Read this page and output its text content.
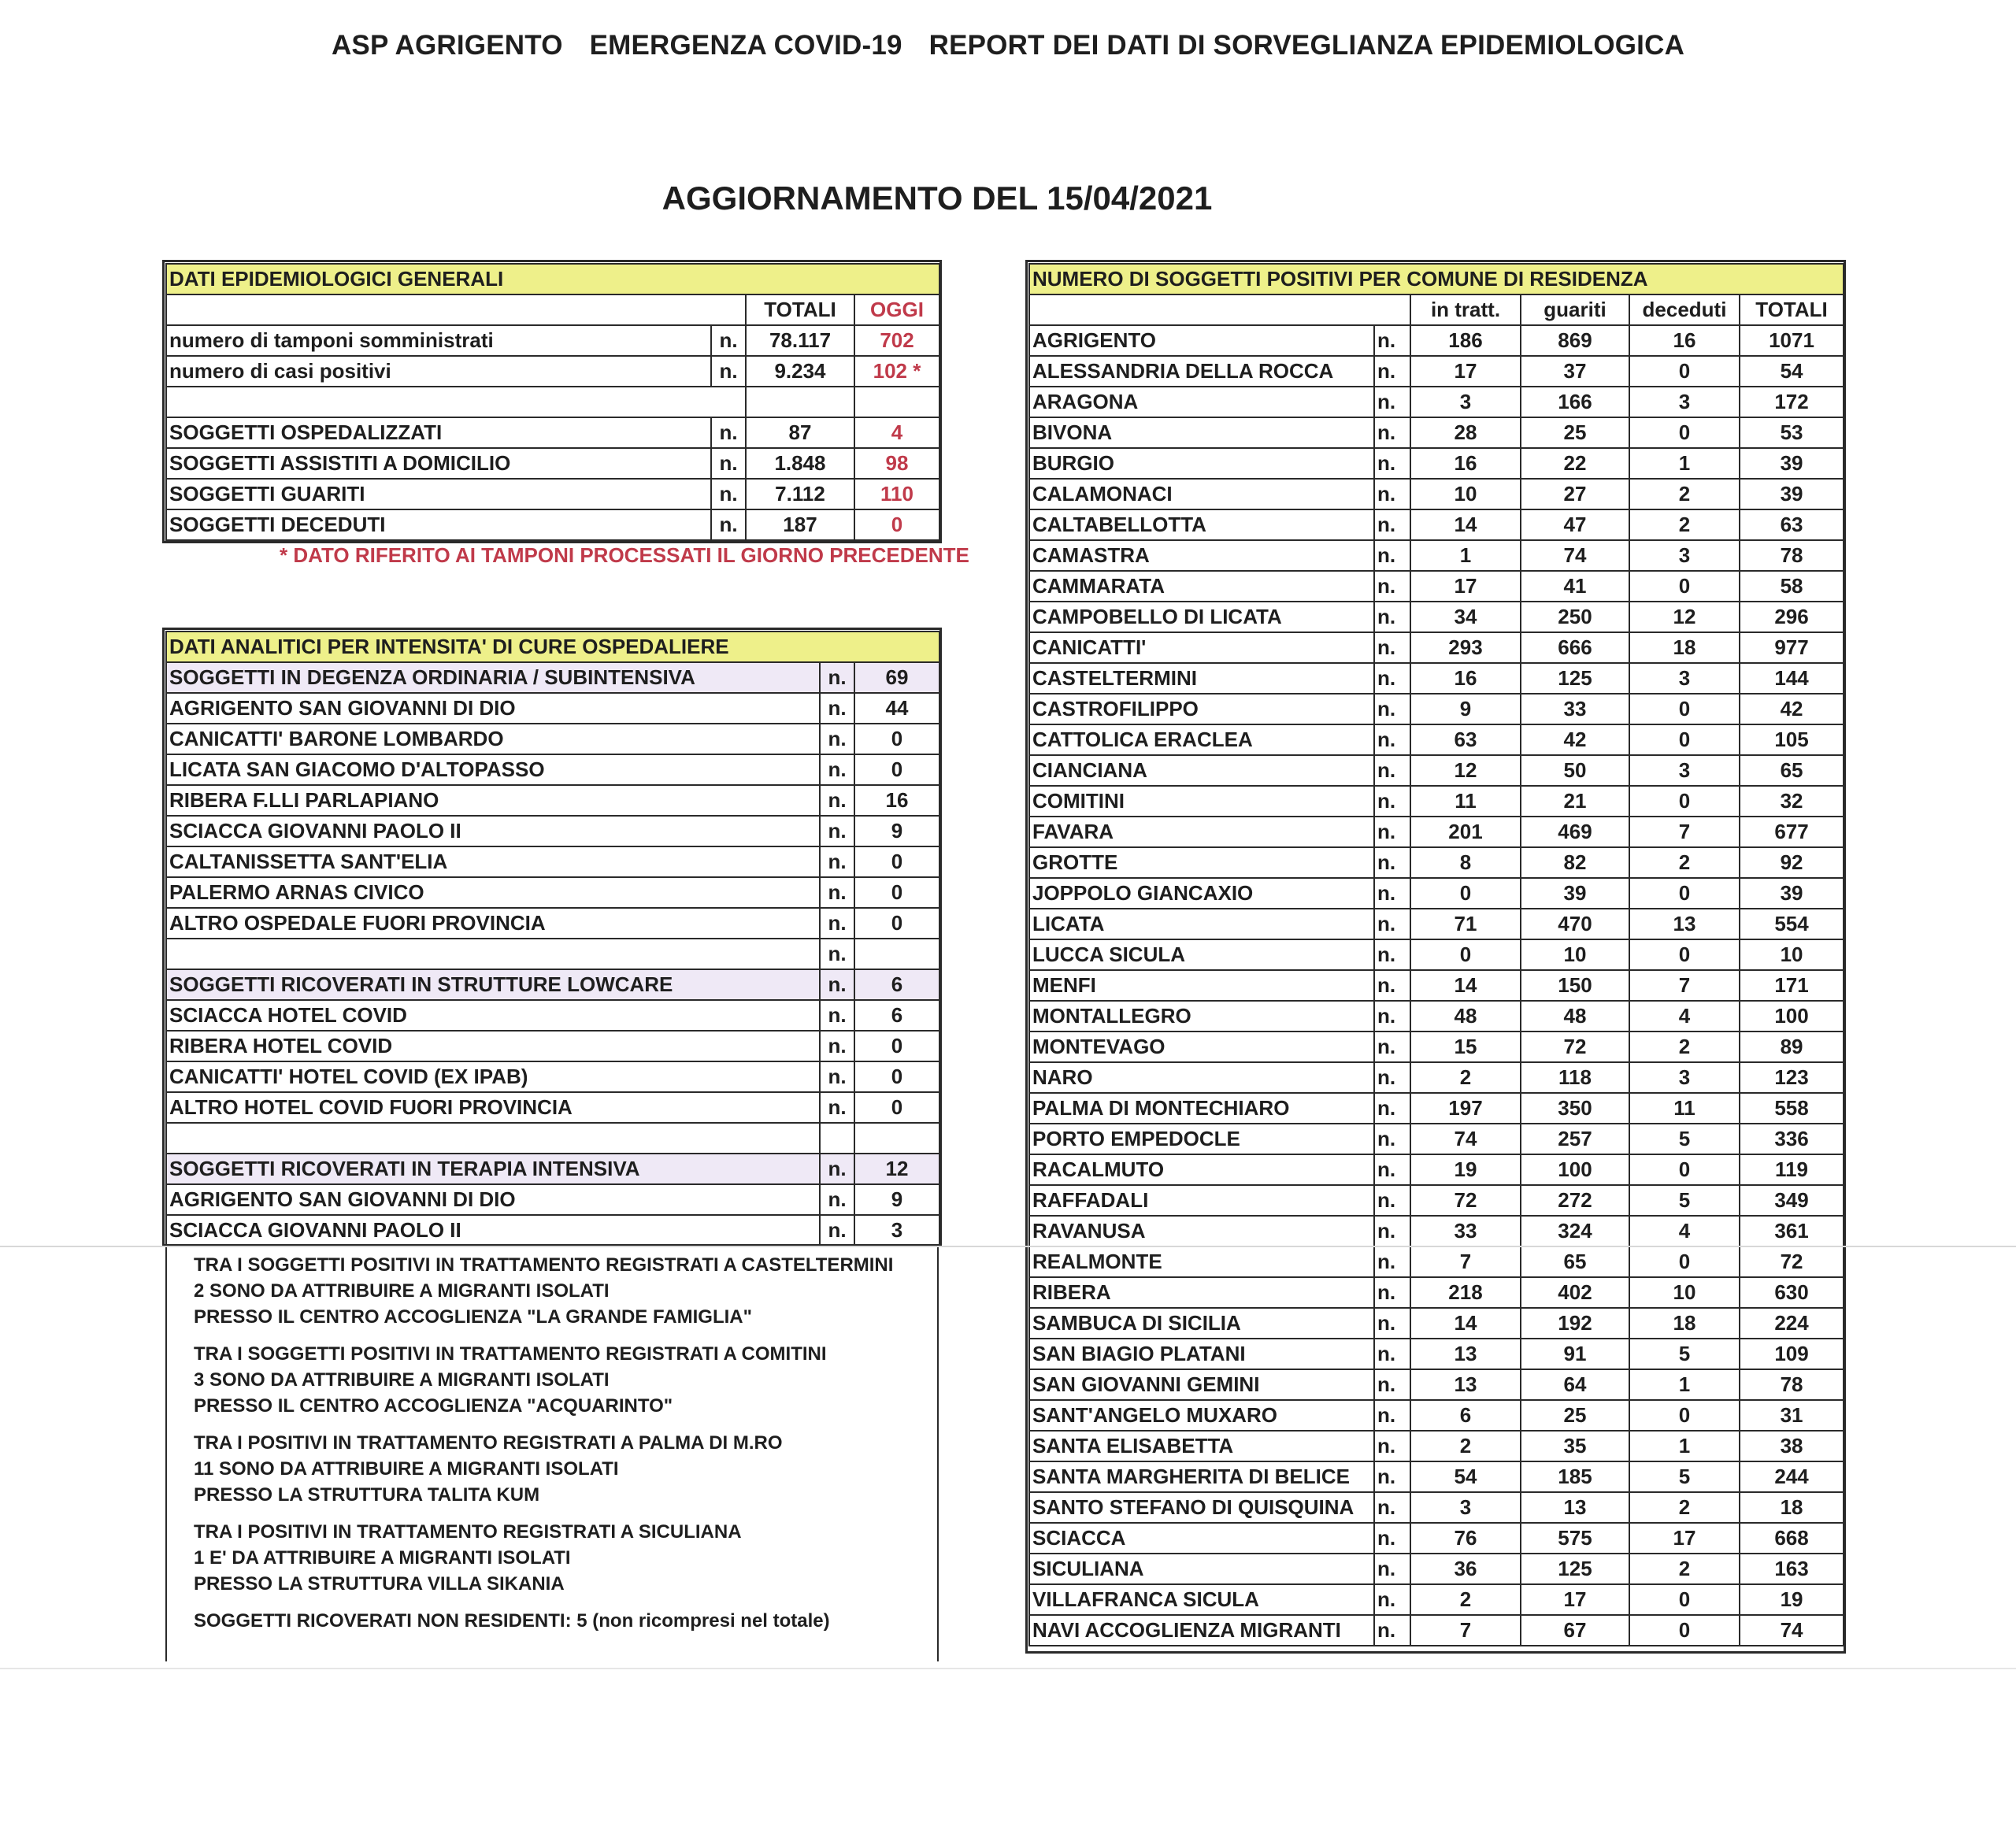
ASP AGRIGENTO EMERGENZA COVID-19 REPORT DEI DATI DI SORVEGLIANZA EPIDEMIOLOGICA
AGGIORNAMENTO DEL 15/04/2021
DATI EPIDEMIOLOGICI GENERALI			
		TOTALI	OGGI
numero di tamponi somministrati	n.	78.117	702
numero di casi positivi	n.	9.234	102 *

SOGGETTI OSPEDALIZZATI	n.	87	4
SOGGETTI ASSISTITI A DOMICILIO	n.	1.848	98
SOGGETTI GUARITI	n.	7.112	110
SOGGETTI DECEDUTI	n.	187	0
* DATO RIFERITO AI TAMPONI PROCESSATI IL GIORNO PRECEDENTE
DATI ANALITICI PER INTENSITA' DI CURE OSPEDALIERE		
SOGGETTI IN DEGENZA ORDINARIA / SUBINTENSIVA	n.	69
AGRIGENTO SAN GIOVANNI DI DIO	n.	44
CANICATTI' BARONE LOMBARDO	n.	0
LICATA SAN GIACOMO D'ALTOPASSO	n.	0
RIBERA F.LLI PARLAPIANO	n.	16
SCIACCA GIOVANNI PAOLO II	n.	9
CALTANISSETTA SANT'ELIA	n.	0
PALERMO ARNAS CIVICO	n.	0
ALTRO OSPEDALE FUORI PROVINCIA	n.	0
	n.	
SOGGETTI RICOVERATI IN STRUTTURE LOWCARE	n.	6
SCIACCA HOTEL COVID	n.	6
RIBERA HOTEL COVID	n.	0
CANICATTI' HOTEL COVID (EX IPAB)	n.	0
ALTRO HOTEL COVID FUORI PROVINCIA	n.	0

SOGGETTI RICOVERATI IN TERAPIA INTENSIVA	n.	12
AGRIGENTO SAN GIOVANNI DI DIO	n.	9
SCIACCA GIOVANNI PAOLO II	n.	3

TRA I SOGGETTI POSITIVI IN TRATTAMENTO REGISTRATI A CASTELTERMINI
2 SONO DA ATTRIBUIRE A MIGRANTI ISOLATI
PRESSO IL CENTRO ACCOGLIENZA "LA GRANDE FAMIGLIA"

TRA I SOGGETTI POSITIVI IN TRATTAMENTO REGISTRATI A COMITINI
3 SONO DA ATTRIBUIRE A MIGRANTI ISOLATI
PRESSO IL CENTRO ACCOGLIENZA "ACQUARINTO"

TRA I POSITIVI IN TRATTAMENTO REGISTRATI A PALMA DI M.RO
11 SONO DA ATTRIBUIRE A MIGRANTI ISOLATI
PRESSO LA STRUTTURA TALITA KUM

TRA I POSITIVI IN TRATTAMENTO REGISTRATI A SICULIANA
1 E' DA ATTRIBUIRE A MIGRANTI ISOLATI
PRESSO LA STRUTTURA VILLA SIKANIA

SOGGETTI RICOVERATI NON RESIDENTI: 5 (non ricompresi nel totale)

NUMERO DI SOGGETTI POSITIVI PER COMUNE DI RESIDENZA					
		in tratt.	guariti	deceduti	TOTALI
AGRIGENTO	n.	186	869	16	1071
ALESSANDRIA DELLA ROCCA	n.	17	37	0	54
ARAGONA	n.	3	166	3	172
BIVONA	n.	28	25	0	53
BURGIO	n.	16	22	1	39
CALAMONACI	n.	10	27	2	39
CALTABELLOTTA	n.	14	47	2	63
CAMASTRA	n.	1	74	3	78
CAMMARATA	n.	17	41	0	58
CAMPOBELLO DI LICATA	n.	34	250	12	296
CANICATTI'	n.	293	666	18	977
CASTELTERMINI	n.	16	125	3	144
CASTROFILIPPO	n.	9	33	0	42
CATTOLICA ERACLEA	n.	63	42	0	105
CIANCIANA	n.	12	50	3	65
COMITINI	n.	11	21	0	32
FAVARA	n.	201	469	7	677
GROTTE	n.	8	82	2	92
JOPPOLO GIANCAXIO	n.	0	39	0	39
LICATA	n.	71	470	13	554
LUCCA SICULA	n.	0	10	0	10
MENFI	n.	14	150	7	171
MONTALLEGRO	n.	48	48	4	100
MONTEVAGO	n.	15	72	2	89
NARO	n.	2	118	3	123
PALMA DI MONTECHIARO	n.	197	350	11	558
PORTO EMPEDOCLE	n.	74	257	5	336
RACALMUTO	n.	19	100	0	119
RAFFADALI	n.	72	272	5	349
RAVANUSA	n.	33	324	4	361
REALMONTE	n.	7	65	0	72
RIBERA	n.	218	402	10	630
SAMBUCA DI SICILIA	n.	14	192	18	224
SAN BIAGIO PLATANI	n.	13	91	5	109
SAN GIOVANNI GEMINI	n.	13	64	1	78
SANT'ANGELO MUXARO	n.	6	25	0	31
SANTA ELISABETTA	n.	2	35	1	38
SANTA MARGHERITA DI BELICE	n.	54	185	5	244
SANTO STEFANO DI QUISQUINA	n.	3	13	2	18
SCIACCA	n.	76	575	17	668
SICULIANA	n.	36	125	2	163
VILLAFRANCA SICULA	n.	2	17	0	19
NAVI ACCOGLIENZA MIGRANTI	n.	7	67	0	74
